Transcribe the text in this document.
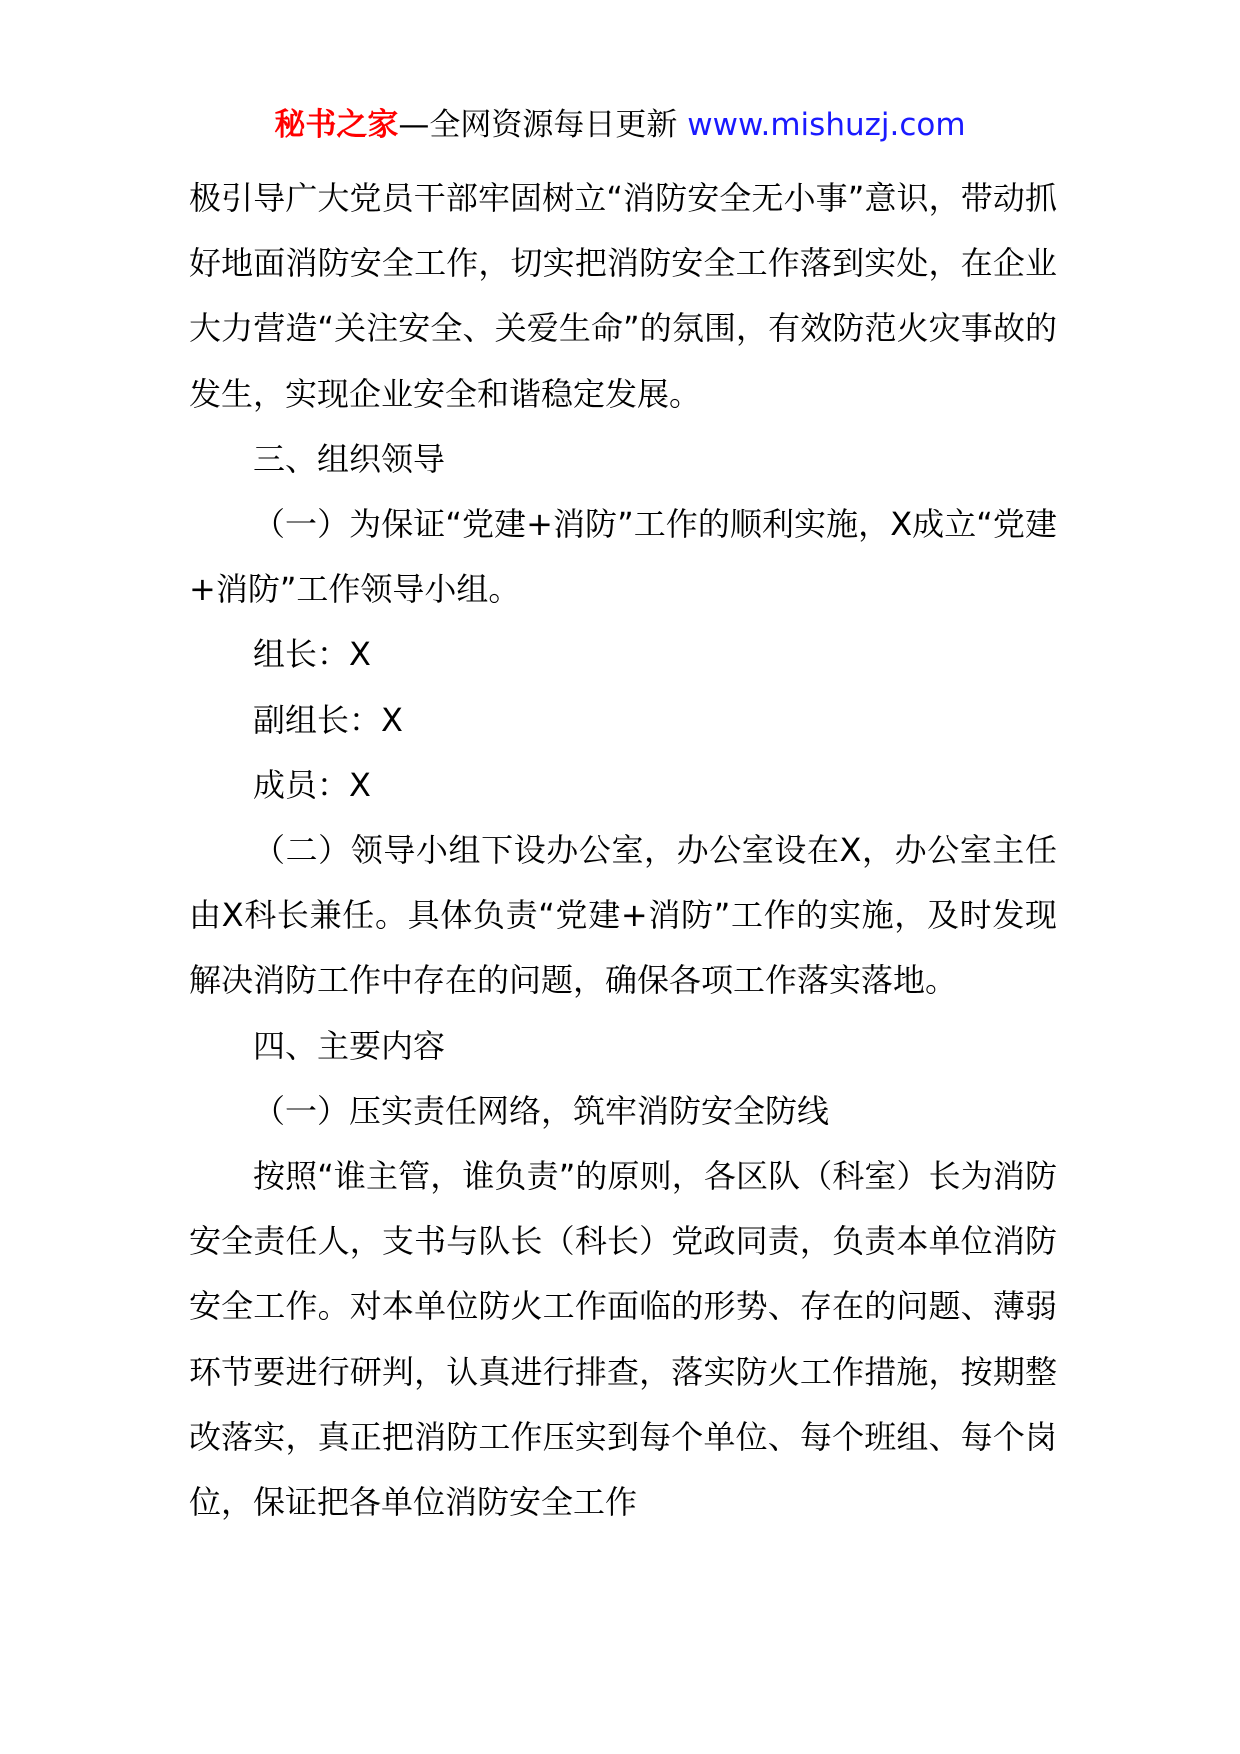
秘书之家—全网资源每日更新 www.mishuzj.com

极引导广大党员干部牢固树立“消防安全无小事”意识，带动抓好地面消防安全工作，切实把消防安全工作落到实处，在企业大力营造“关注安全、关爱生命”的氛围，有效防范火灾事故的发生，实现企业安全和谐稳定发展。

三、组织领导

（一）为保证“党建+消防”工作的顺利实施，X成立“党建+消防”工作领导小组。

组长：X

副组长：X

成员：X

（二）领导小组下设办公室，办公室设在X，办公室主任由X科长兼任。具体负责“党建+消防”工作的实施，及时发现解决消防工作中存在的问题，确保各项工作落实落地。

四、主要内容

（一）压实责任网络，筑牢消防安全防线

按照“谁主管，谁负责”的原则，各区队（科室）长为消防安全责任人，支书与队长（科长）党政同责，负责本单位消防安全工作。对本单位防火工作面临的形势、存在的问题、薄弱环节要进行研判，认真进行排查，落实防火工作措施，按期整改落实，真正把消防工作压实到每个单位、每个班组、每个岗位，保证把各单位消防安全工作
